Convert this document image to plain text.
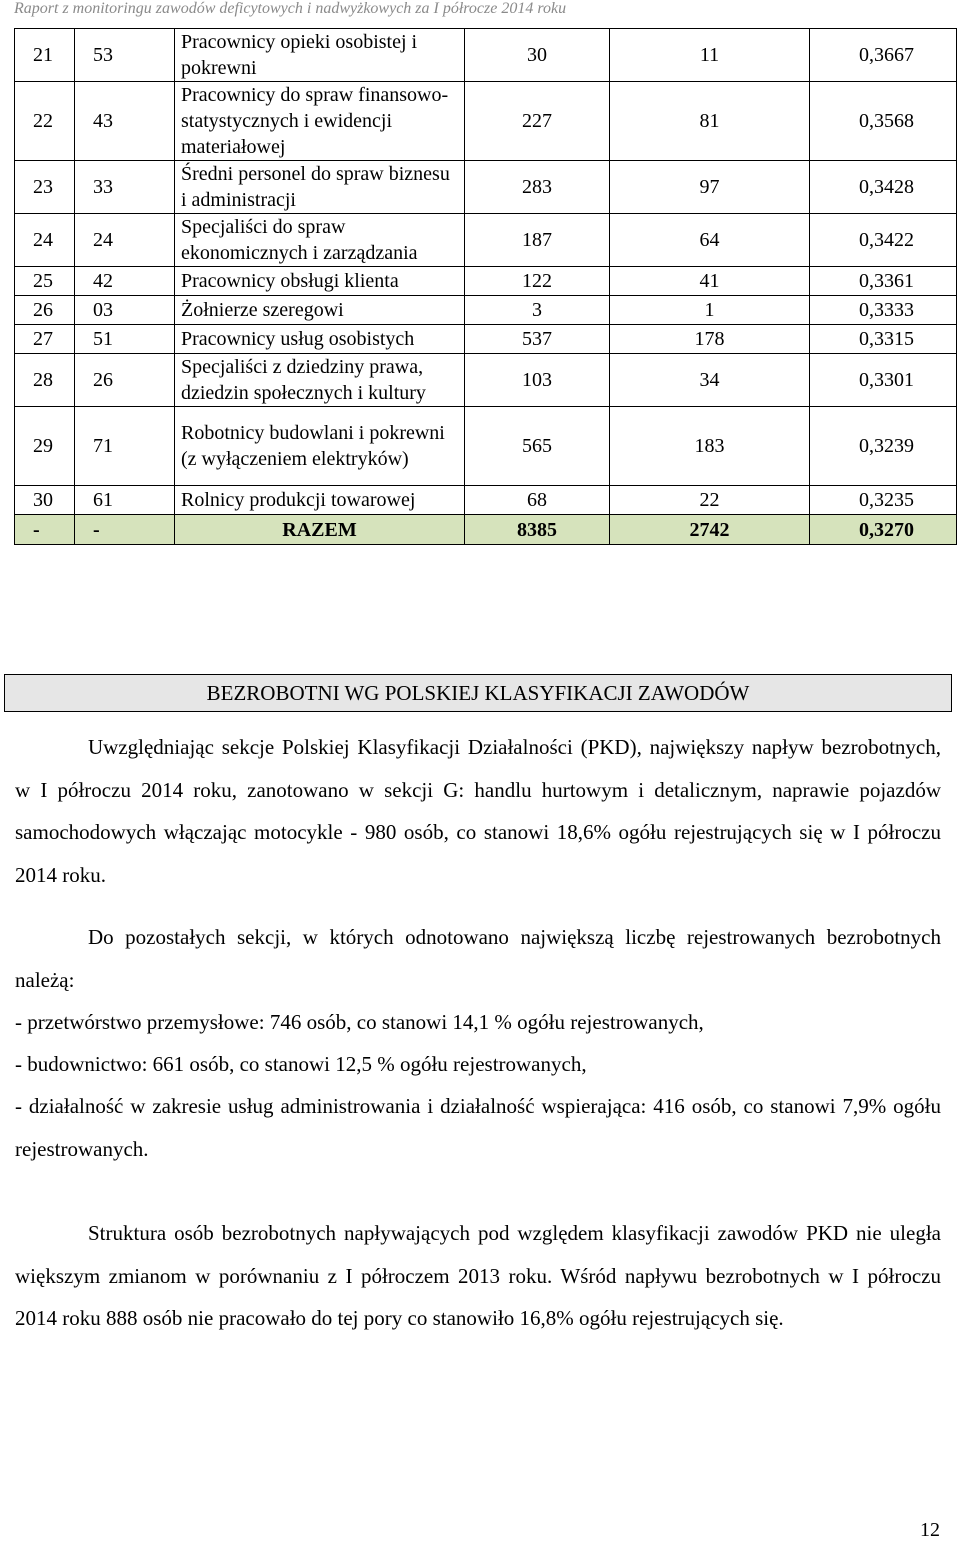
Raport z monitoringu zawodów deficytowych i nadwyżkowych za I półrocze 2014 roku
21	53	Pracownicy opieki osobistej i pokrewni	30	11	0,3667
22	43	Pracownicy do spraw finansowo-statystycznych i ewidencji materiałowej	227	81	0,3568
23	33	Średni personel do spraw biznesu i administracji	283	97	0,3428
24	24	Specjaliści do spraw ekonomicznych i zarządzania	187	64	0,3422
25	42	Pracownicy obsługi klienta	122	41	0,3361
26	03	Żołnierze szeregowi	3	1	0,3333
27	51	Pracownicy usług osobistych	537	178	0,3315
28	26	Specjaliści z dziedziny prawa, dziedzin społecznych i kultury	103	34	0,3301
29	71	Robotnicy budowlani i pokrewni (z wyłączeniem elektryków)	565	183	0,3239
30	61	Rolnicy produkcji towarowej	68	22	0,3235
-	-	RAZEM	8385	2742	0,3270
BEZROBOTNI WG POLSKIEJ KLASYFIKACJI ZAWODÓW

Uwzględniając sekcje Polskiej Klasyfikacji Działalności (PKD), największy napływ bezrobotnych, w I półroczu 2014 roku, zanotowano w sekcji G: handlu hurtowym i detalicznym, naprawie pojazdów samochodowych włączając motocykle - 980 osób, co stanowi 18,6% ogółu rejestrujących się w I półroczu 2014 roku.

Do pozostałych sekcji, w których odnotowano największą liczbę rejestrowanych bezrobotnych należą:

- przetwórstwo przemysłowe: 746 osób, co stanowi 14,1 % ogółu rejestrowanych,

- budownictwo: 661 osób, co stanowi 12,5 % ogółu rejestrowanych,

- działalność w zakresie usług administrowania i działalność wspierająca: 416 osób, co stanowi 7,9% ogółu rejestrowanych.

Struktura osób bezrobotnych napływających pod względem klasyfikacji zawodów PKD nie uległa większym zmianom w porównaniu z I półroczem 2013 roku. Wśród napływu bezrobotnych w I półroczu 2014 roku 888 osób nie pracowało do tej pory co stanowiło 16,8% ogółu rejestrujących się.

12
